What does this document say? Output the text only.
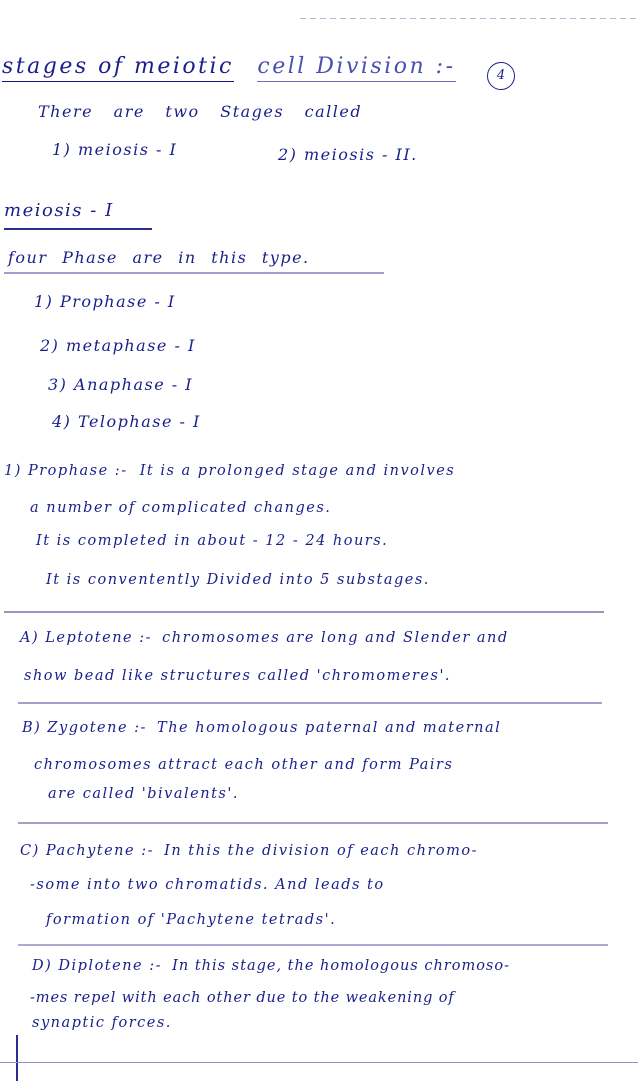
stages of meiotic cell Division :-	4
There are two Stages called
1) meiosis - I	2) meiosis - II.
meiosis - I
four Phase are in this type.
1) Prophase - I
2) metaphase - I
3) Anaphase - I
4) Telophase - I
1) Prophase :- It is a prolonged stage and involves
a number of complicated changes.
It is completed in about - 12 - 24 hours.
It is conventently Divided into 5 substages.
A) Leptotene :- chromosomes are long and Slender and
show bead like structures called 'chromomeres'.
B) Zygotene :- The homologous paternal and maternal
chromosomes attract each other and form Pairs
are called 'bivalents'.
C) Pachytene :- In this the division of each chromo-
-some into two chromatids. And leads to
formation of 'Pachytene tetrads'.
D) Diplotene :- In this stage, the homologous chromoso-
-mes repel with each other due to the weakening of
synaptic forces.
